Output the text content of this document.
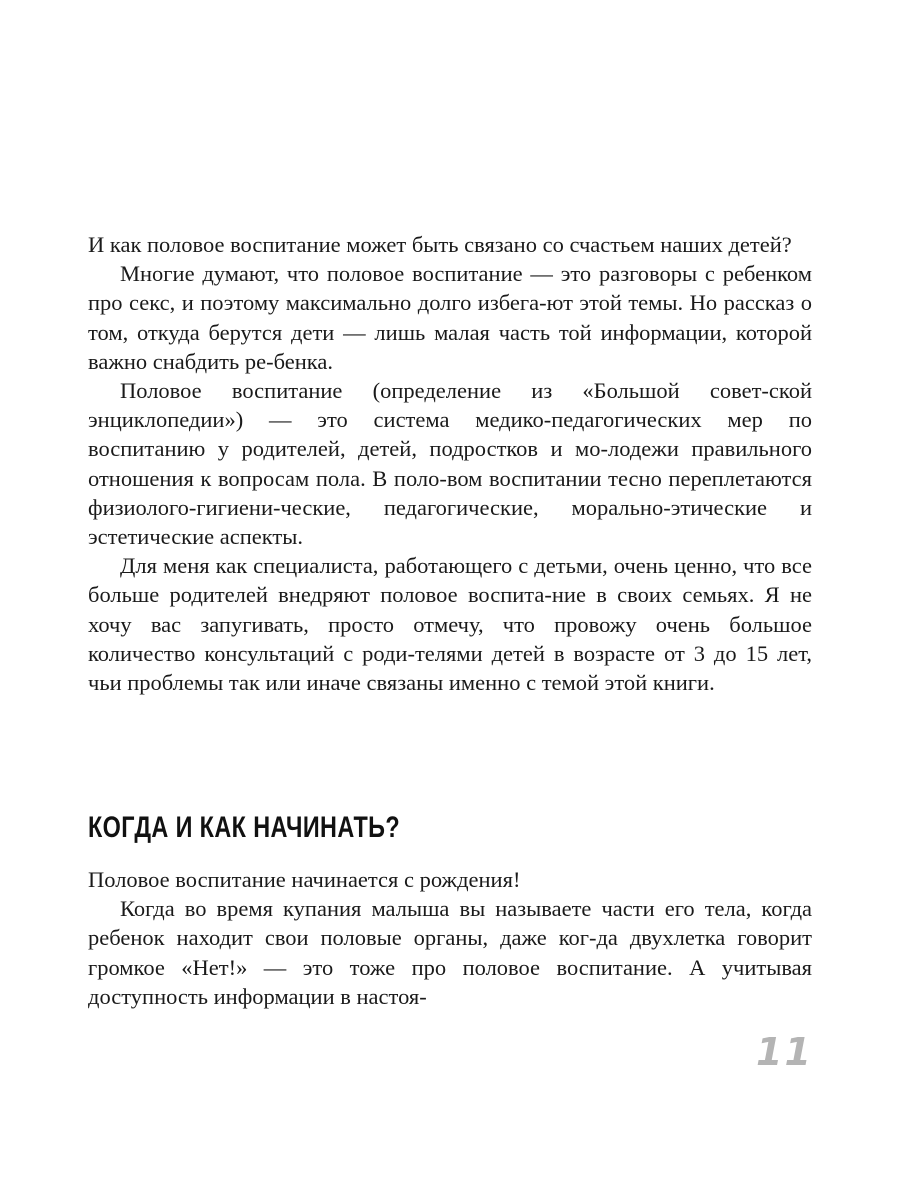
И как половое воспитание может быть связано со счастьем наших детей?

Многие думают, что половое воспитание — это разговоры с ребенком про секс, и поэтому максимально долго избега-ют этой темы. Но рассказ о том, откуда берутся дети — лишь малая часть той информации, которой важно снабдить ре-бенка.

Половое воспитание (определение из «Большой совет-ской энциклопедии») — это система медико-педагогических мер по воспитанию у родителей, детей, подростков и мо-лодежи правильного отношения к вопросам пола. В поло-вом воспитании тесно переплетаются физиолого-гигиени-ческие, педагогические, морально-этические и эстетические аспекты.

Для меня как специалиста, работающего с детьми, очень ценно, что все больше родителей внедряют половое воспита-ние в своих семьях. Я не хочу вас запугивать, просто отмечу, что провожу очень большое количество консультаций с роди-телями детей в возрасте от 3 до 15 лет, чьи проблемы так или иначе связаны именно с темой этой книги.

КОГДА И КАК НАЧИНАТЬ?

Половое воспитание начинается с рождения!

Когда во время купания малыша вы называете части его тела, когда ребенок находит свои половые органы, даже ког-да двухлетка говорит громкое «Нет!» — это тоже про половое воспитание. А учитывая доступность информации в настоя-

11
